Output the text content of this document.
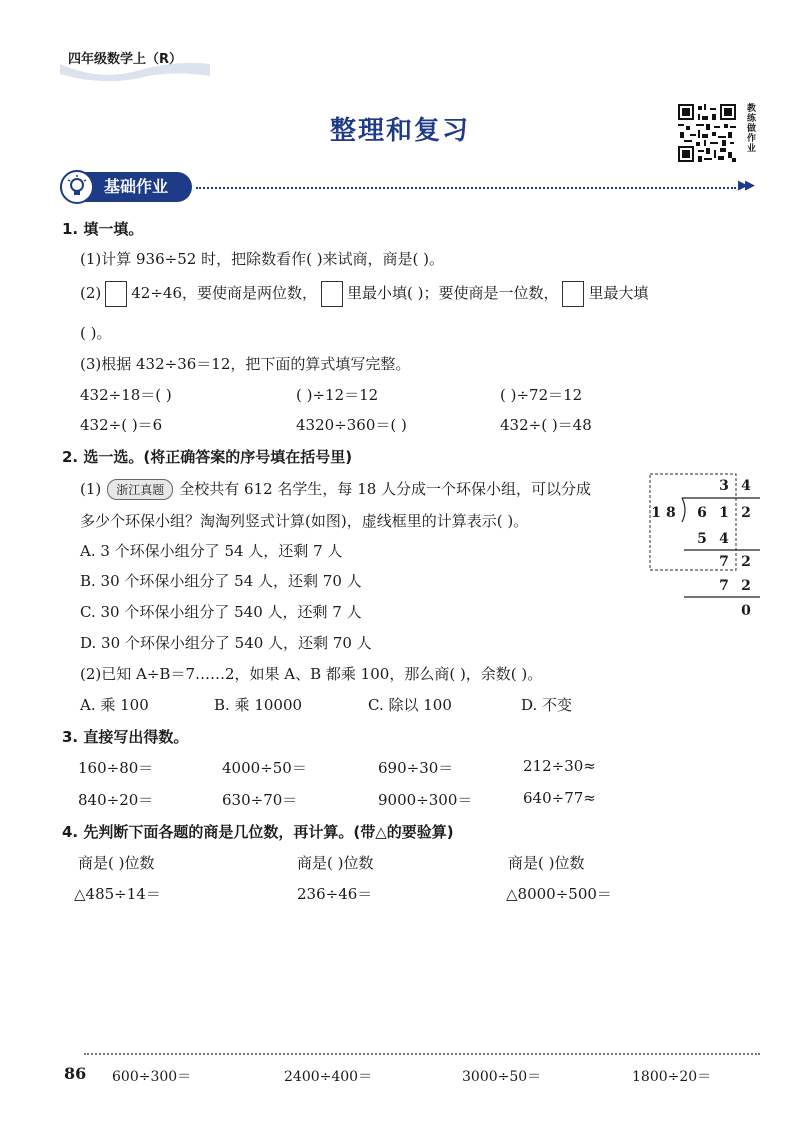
四年级数学上（R）
整理和复习	教练做作业
基础作业	▶▶
1. 填一填。
(1)计算 936÷52 时，把除数看作( )来试商，商是( )。
(2) 42÷46，要使商是两位数， 里最小填( )；要使商是一位数， 里最大填
( )。
(3)根据 432÷36＝12，把下面的算式填写完整。
432÷18＝( )	( )÷12＝12	( )÷72＝12
432÷( )＝6	4320÷360＝( )	432÷( )＝48
2. 选一选。(将正确答案的序号填在括号里)
(1) 浙江真题 全校共有 612 名学生，每 18 人分成一个环保小组，可以分成
多少个环保小组？淘淘列竖式计算(如图)，虚线框里的计算表示( )。
A. 3 个环保小组分了 54 人，还剩 7 人
B. 30 个环保小组分了 54 人，还剩 70 人
C. 30 个环保小组分了 540 人，还剩 7 人
D. 30 个环保小组分了 540 人，还剩 70 人
(2)已知 A÷B＝7……2，如果 A、B 都乘 100，那么商( )，余数( )。
A. 乘 100	B. 乘 10000	C. 除以 100	D. 不变
3 4
18 6 1 2
5 4
7 2
7 2
0
3. 直接写出得数。
160÷80＝	4000÷50＝	690÷30＝	212÷30≈
840÷20＝	630÷70＝	9000÷300＝	640÷77≈
4. 先判断下面各题的商是几位数，再计算。(带△的要验算)
商是( )位数	商是( )位数	商是( )位数
△485÷14＝	236÷46＝	△8000÷500＝
86 600÷300＝	2400÷400＝	3000÷50＝	1800÷20＝
